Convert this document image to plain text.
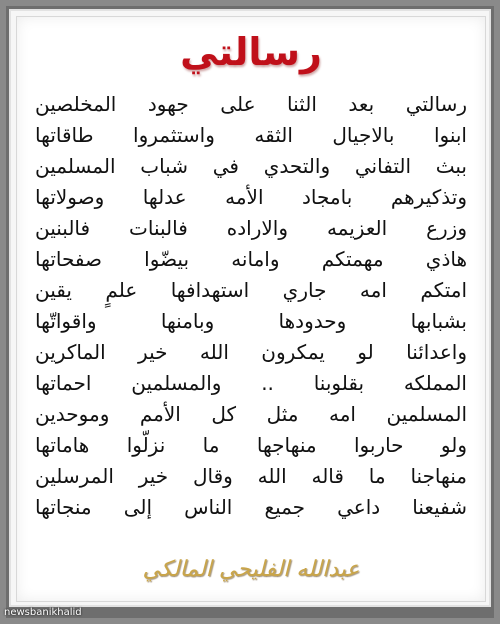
رسالتي
رسالتي بعد الثنا على جهود المخلصين
ابنوا بالاجيال الثقه واستثمروا طاقاتها
ببث التفاني والتحدي في شباب المسلمين
وتذكيرهم بامجاد الأمه عدلها وصولاتها
وزرع العزيمه والاراده فالبنات فالبنين
هاذي مهمتكم وامانه بيضّوا صفحاتها
امتكم امه جاري استهدافها علمٍ يقين
بشبابها وحدودها وبامنها واقواتّها
واعدائنا لو يمكرون الله خير الماكرين
المملكه بقلوبنا .. والمسلمين احماتها
المسلمين امه مثل كل الأمم وموحدين
ولو حاربوا منهاجها ما نزلّوا هاماتها
منهاجنا ما قاله الله وقال خير المرسلين
شفيعنا داعي جميع الناس إلى منجاتها
عبدالله الفليحي المالكي
newsbanikhalid
